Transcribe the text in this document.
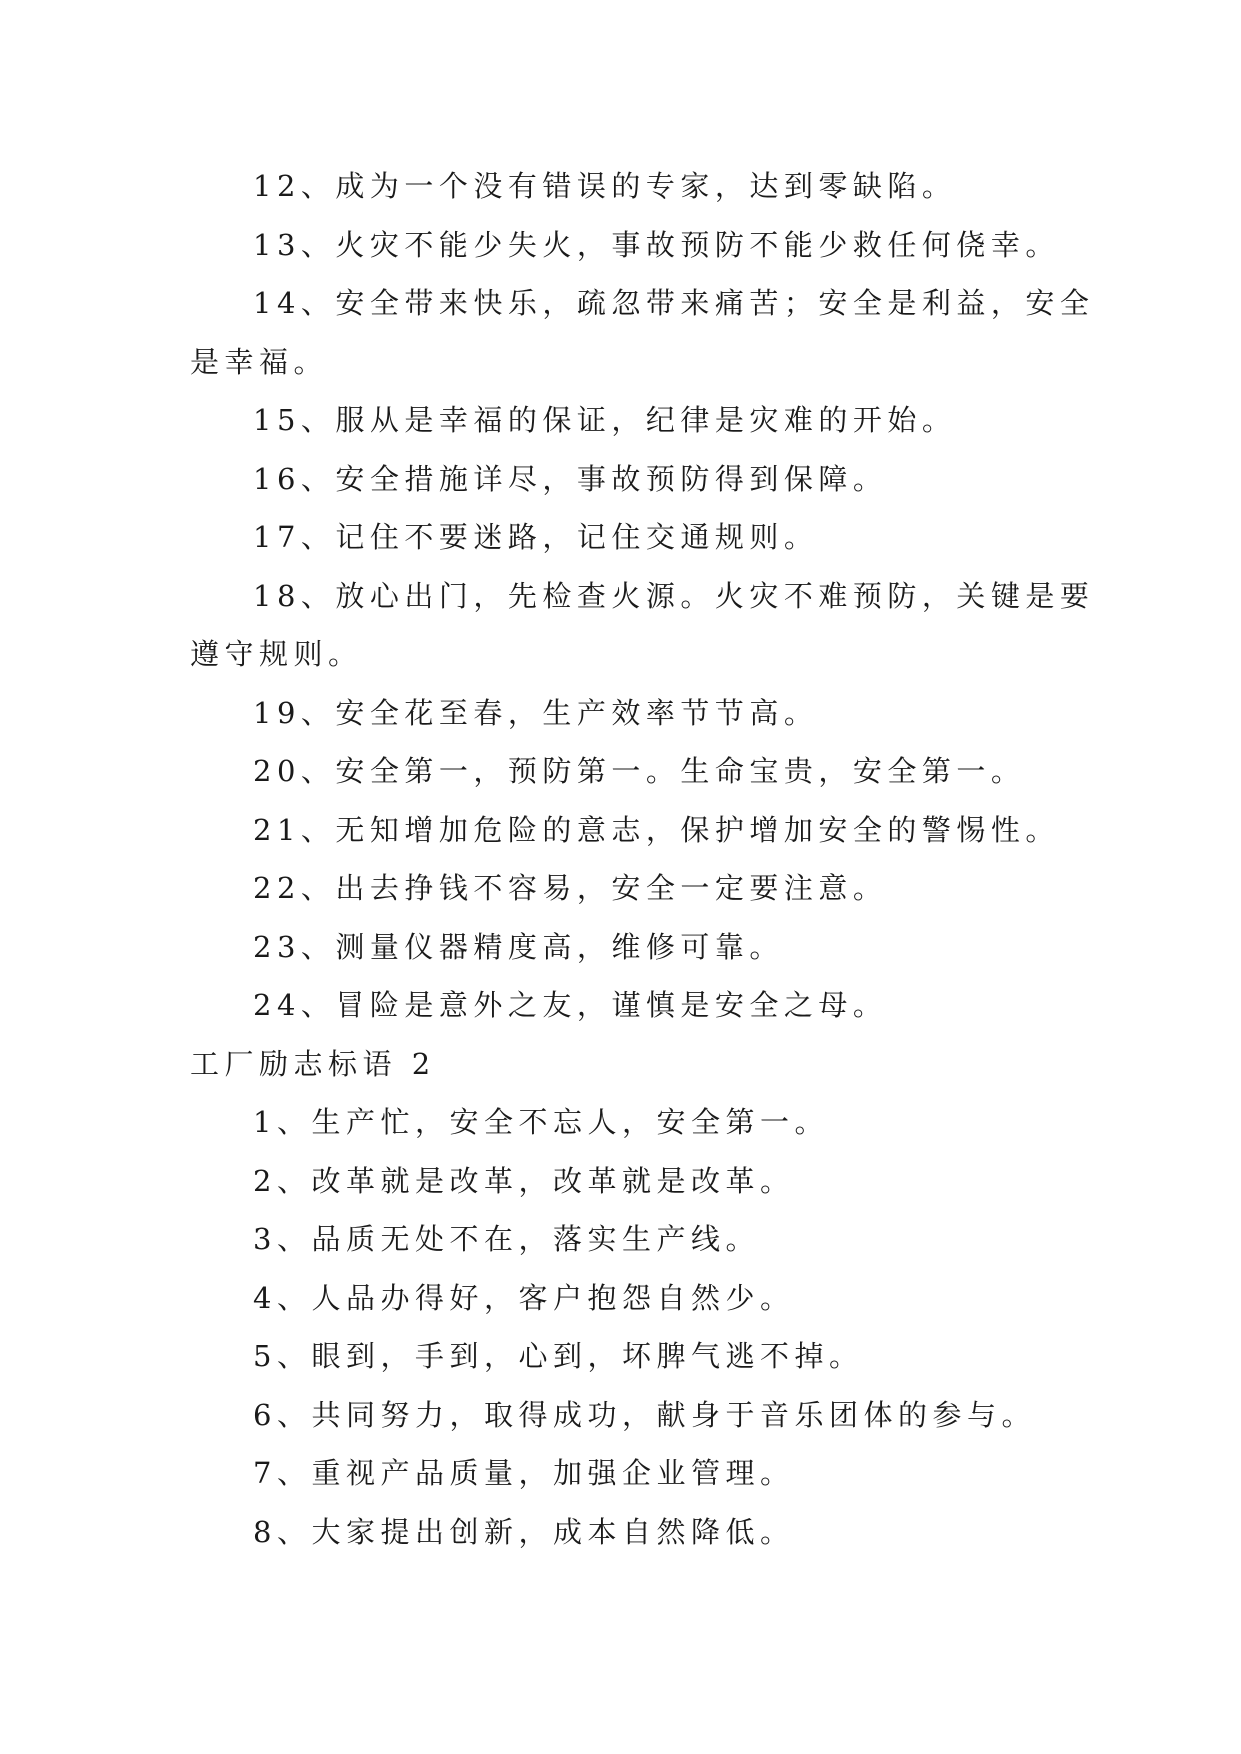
12、成为一个没有错误的专家，达到零缺陷。
13、火灾不能少失火，事故预防不能少救任何侥幸。
14、安全带来快乐，疏忽带来痛苦；安全是利益，安全
是幸福。
15、服从是幸福的保证，纪律是灾难的开始。
16、安全措施详尽，事故预防得到保障。
17、记住不要迷路，记住交通规则。
18、放心出门，先检查火源。火灾不难预防，关键是要
遵守规则。
19、安全花至春，生产效率节节高。
20、安全第一，预防第一。生命宝贵，安全第一。
21、无知增加危险的意志，保护增加安全的警惕性。
22、出去挣钱不容易，安全一定要注意。
23、测量仪器精度高，维修可靠。
24、冒险是意外之友，谨慎是安全之母。
工厂励志标语 2
1、生产忙，安全不忘人，安全第一。
2、改革就是改革，改革就是改革。
3、品质无处不在，落实生产线。
4、人品办得好，客户抱怨自然少。
5、眼到，手到，心到，坏脾气逃不掉。
6、共同努力，取得成功，献身于音乐团体的参与。
7、重视产品质量，加强企业管理。
8、大家提出创新，成本自然降低。
